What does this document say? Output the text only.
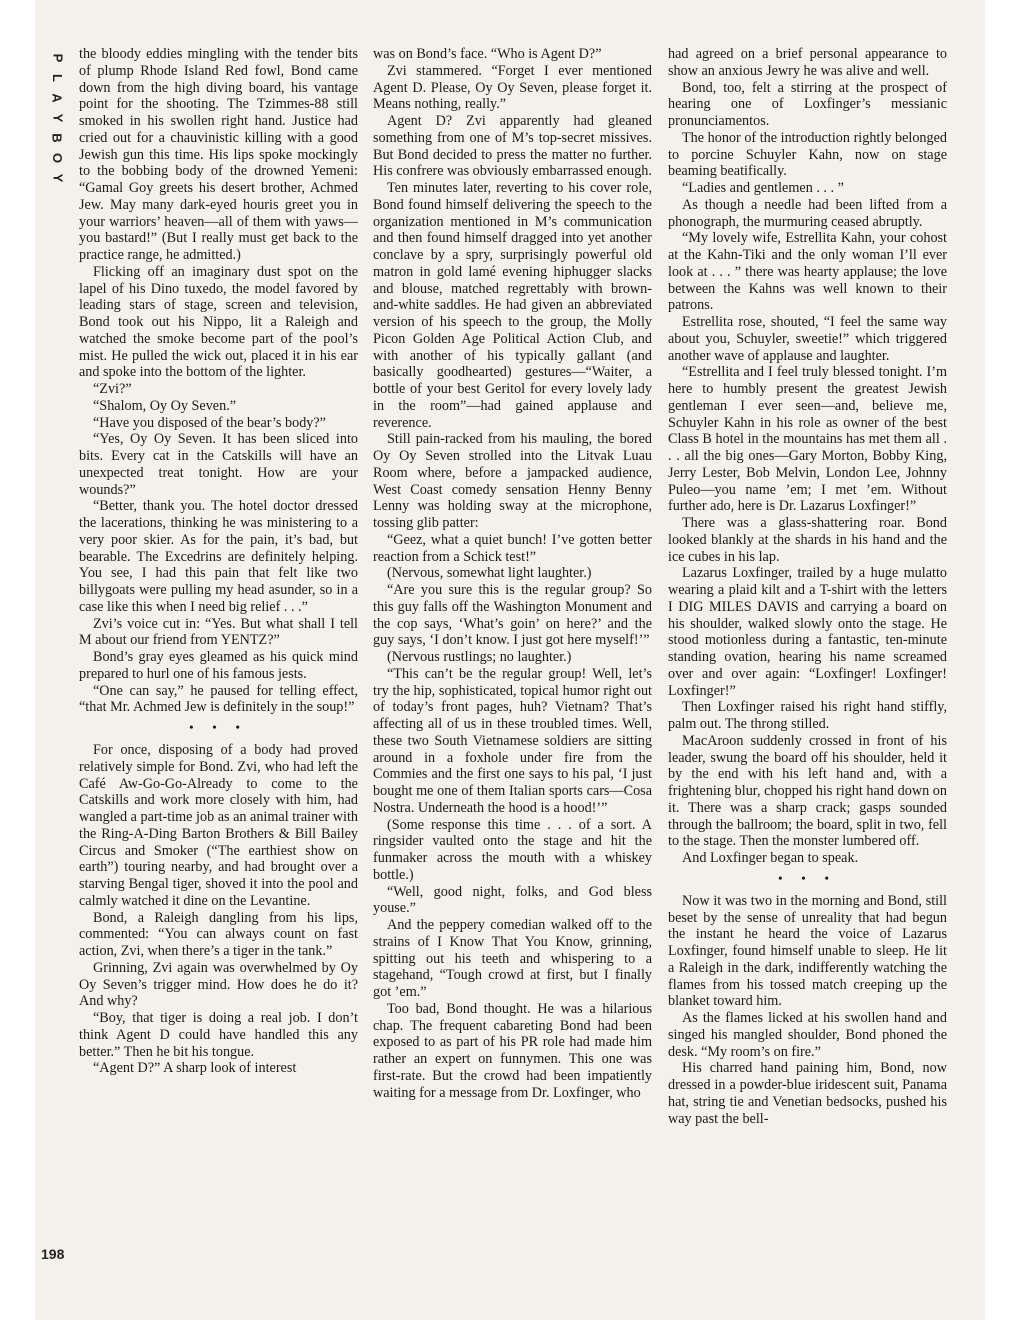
P
L
A
Y
B
O
Y
198

the bloody eddies mingling with the tender bits of plump Rhode Island Red fowl, Bond came down from the high diving board, his vantage point for the shooting. The Tzimmes-88 still smoked in his swollen right hand. Justice had cried out for a chauvinistic killing with a good Jewish gun this time. His lips spoke mockingly to the bobbing body of the drowned Yemeni: “Gamal Goy greets his desert brother, Achmed Jew. May many dark-eyed houris greet you in your warriors’ heaven—all of them with yaws—you bastard!” (But I really must get back to the practice range, he admitted.)

Flicking off an imaginary dust spot on the lapel of his Dino tuxedo, the model favored by leading stars of stage, screen and television, Bond took out his Nippo, lit a Raleigh and watched the smoke become part of the pool’s mist. He pulled the wick out, placed it in his ear and spoke into the bottom of the lighter.

“Zvi?”

“Shalom, Oy Oy Seven.”

“Have you disposed of the bear’s body?”

“Yes, Oy Oy Seven. It has been sliced into bits. Every cat in the Catskills will have an unexpected treat tonight. How are your wounds?”

“Better, thank you. The hotel doctor dressed the lacerations, thinking he was ministering to a very poor skier. As for the pain, it’s bad, but bearable. The Excedrins are definitely helping. You see, I had this pain that felt like two billygoats were pulling my head asunder, so in a case like this when I need big relief . . .”

Zvi’s voice cut in: “Yes. But what shall I tell M about our friend from YENTZ?”

Bond’s gray eyes gleamed as his quick mind prepared to hurl one of his famous jests.

“One can say,” he paused for telling effect, “that Mr. Achmed Jew is definitely in the soup!”

• • •

For once, disposing of a body had proved relatively simple for Bond. Zvi, who had left the Café Aw-Go-Go-Already to come to the Catskills and work more closely with him, had wangled a part-time job as an animal trainer with the Ring-A-Ding Barton Brothers & Bill Bailey Circus and Smoker (“The earthiest show on earth”) touring nearby, and had brought over a starving Bengal tiger, shoved it into the pool and calmly watched it dine on the Levantine.

Bond, a Raleigh dangling from his lips, commented: “You can always count on fast action, Zvi, when there’s a tiger in the tank.”

Grinning, Zvi again was overwhelmed by Oy Oy Seven’s trigger mind. How does he do it? And why?

“Boy, that tiger is doing a real job. I don’t think Agent D could have handled this any better.” Then he bit his tongue.

“Agent D?” A sharp look of interest

was on Bond’s face. “Who is Agent D?”

Zvi stammered. “Forget I ever mentioned Agent D. Please, Oy Oy Seven, please forget it. Means nothing, really.”

Agent D? Zvi apparently had gleaned something from one of M’s top-secret missives. But Bond decided to press the matter no further. His confrere was obviously embarrassed enough.

Ten minutes later, reverting to his cover role, Bond found himself delivering the speech to the organization mentioned in M’s communication and then found himself dragged into yet another conclave by a spry, surprisingly powerful old matron in gold lamé evening hiphugger slacks and blouse, matched regrettably with brown-and-white saddles. He had given an abbreviated version of his speech to the group, the Molly Picon Golden Age Political Action Club, and with another of his typically gallant (and basically goodhearted) gestures—“Waiter, a bottle of your best Geritol for every lovely lady in the room”—had gained applause and reverence.

Still pain-racked from his mauling, the bored Oy Oy Seven strolled into the Litvak Luau Room where, before a jampacked audience, West Coast comedy sensation Henny Benny Lenny was holding sway at the microphone, tossing glib patter:

“Geez, what a quiet bunch! I’ve gotten better reaction from a Schick test!”

(Nervous, somewhat light laughter.)

“Are you sure this is the regular group? So this guy falls off the Washington Monument and the cop says, ‘What’s goin’ on here?’ and the guy says, ‘I don’t know. I just got here myself!’”

(Nervous rustlings; no laughter.)

“This can’t be the regular group! Well, let’s try the hip, sophisticated, topical humor right out of today’s front pages, huh? Vietnam? That’s affecting all of us in these troubled times. Well, these two South Vietnamese soldiers are sitting around in a foxhole under fire from the Commies and the first one says to his pal, ‘I just bought me one of them Italian sports cars—Cosa Nostra. Underneath the hood is a hood!’”

(Some response this time . . . of a sort. A ringsider vaulted onto the stage and hit the funmaker across the mouth with a whiskey bottle.)

“Well, good night, folks, and God bless youse.”

And the peppery comedian walked off to the strains of I Know That You Know, grinning, spitting out his teeth and whispering to a stagehand, “Tough crowd at first, but I finally got ’em.”

Too bad, Bond thought. He was a hilarious chap. The frequent cabareting Bond had been exposed to as part of his PR role had made him rather an expert on funnymen. This one was first-rate. But the crowd had been impatiently waiting for a message from Dr. Loxfinger, who

had agreed on a brief personal appearance to show an anxious Jewry he was alive and well.

Bond, too, felt a stirring at the prospect of hearing one of Loxfinger’s messianic pronunciamentos.

The honor of the introduction rightly belonged to porcine Schuyler Kahn, now on stage beaming beatifically.

“Ladies and gentlemen . . . ”

As though a needle had been lifted from a phonograph, the murmuring ceased abruptly.

“My lovely wife, Estrellita Kahn, your cohost at the Kahn-Tiki and the only woman I’ll ever look at . . . ” there was hearty applause; the love between the Kahns was well known to their patrons.

Estrellita rose, shouted, “I feel the same way about you, Schuyler, sweetie!” which triggered another wave of applause and laughter.

“Estrellita and I feel truly blessed tonight. I’m here to humbly present the greatest Jewish gentleman I ever seen—and, believe me, Schuyler Kahn in his role as owner of the best Class B hotel in the mountains has met them all . . . all the big ones—Gary Morton, Bobby King, Jerry Lester, Bob Melvin, London Lee, Johnny Puleo—you name ’em; I met ’em. Without further ado, here is Dr. Lazarus Loxfinger!”

There was a glass-shattering roar. Bond looked blankly at the shards in his hand and the ice cubes in his lap.

Lazarus Loxfinger, trailed by a huge mulatto wearing a plaid kilt and a T-shirt with the letters I DIG MILES DAVIS and carrying a board on his shoulder, walked slowly onto the stage. He stood motionless during a fantastic, ten-minute standing ovation, hearing his name screamed over and over again: “Loxfinger! Loxfinger! Loxfinger!”

Then Loxfinger raised his right hand stiffly, palm out. The throng stilled.

MacAroon suddenly crossed in front of his leader, swung the board off his shoulder, held it by the end with his left hand and, with a frightening blur, chopped his right hand down on it. There was a sharp crack; gasps sounded through the ballroom; the board, split in two, fell to the stage. Then the monster lumbered off.

And Loxfinger began to speak.

• • •

Now it was two in the morning and Bond, still beset by the sense of unreality that had begun the instant he heard the voice of Lazarus Loxfinger, found himself unable to sleep. He lit a Raleigh in the dark, indifferently watching the flames from his tossed match creeping up the blanket toward him.

As the flames licked at his swollen hand and singed his mangled shoulder, Bond phoned the desk. “My room’s on fire.”

His charred hand paining him, Bond, now dressed in a powder-blue iridescent suit, Panama hat, string tie and Venetian bedsocks, pushed his way past the bell-
